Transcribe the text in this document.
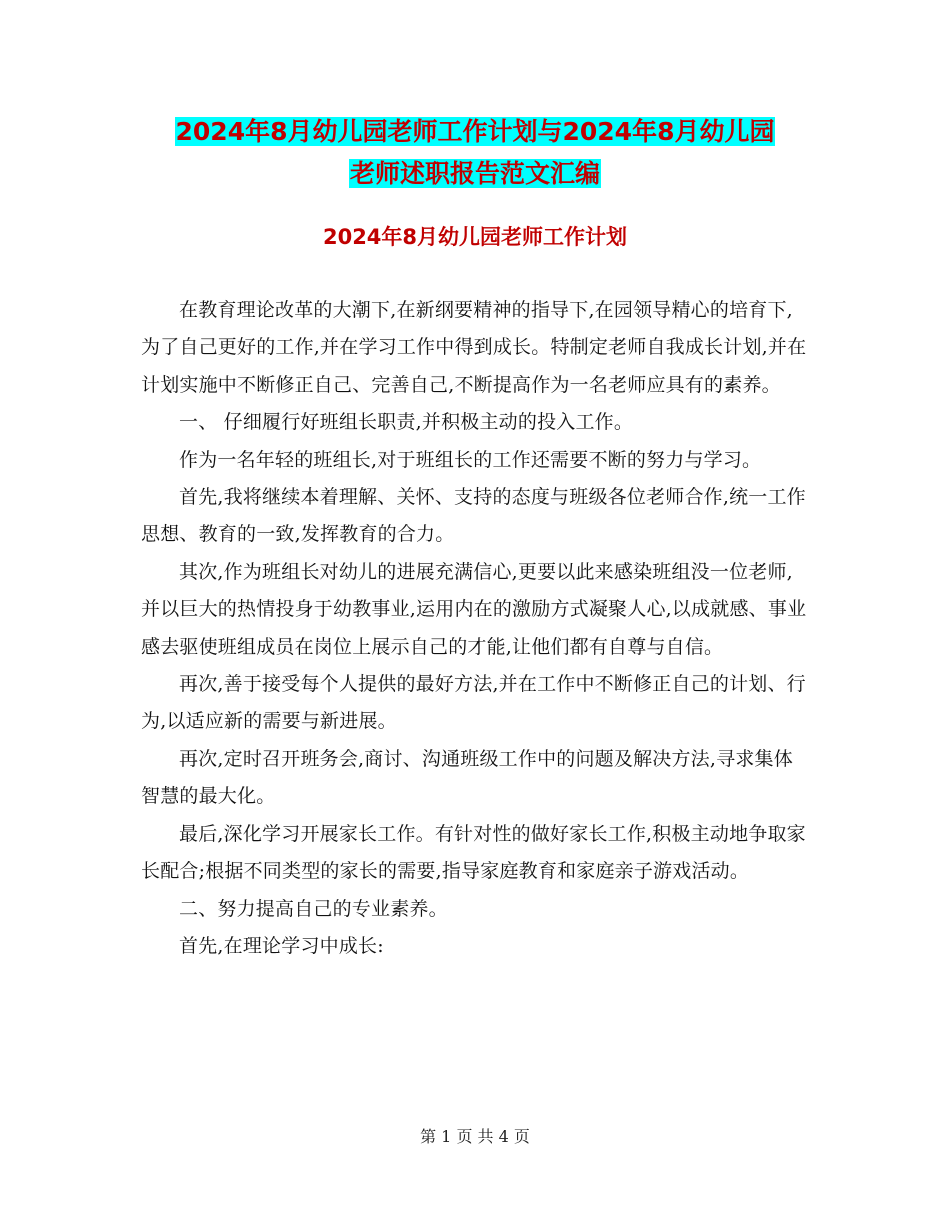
2024年8月幼儿园老师工作计划与2024年8月幼儿园
老师述职报告范文汇编
2024年8月幼儿园老师工作计划

在教育理论改革的大潮下,在新纲要精神的指导下,在园领导精心的培育下,为了自己更好的工作,并在学习工作中得到成长。特制定老师自我成长计划,并在计划实施中不断修正自己、完善自己,不断提高作为一名老师应具有的素养。

一、 仔细履行好班组长职责,并积极主动的投入工作。

作为一名年轻的班组长,对于班组长的工作还需要不断的努力与学习。

首先,我将继续本着理解、关怀、支持的态度与班级各位老师合作,统一工作思想、教育的一致,发挥教育的合力。

其次,作为班组长对幼儿的进展充满信心,更要以此来感染班组没一位老师,并以巨大的热情投身于幼教事业,运用内在的激励方式凝聚人心,以成就感、事业感去驱使班组成员在岗位上展示自己的才能,让他们都有自尊与自信。

再次,善于接受每个人提供的最好方法,并在工作中不断修正自己的计划、行为,以适应新的需要与新进展。

再次,定时召开班务会,商讨、沟通班级工作中的问题及解决方法,寻求集体智慧的最大化。

最后,深化学习开展家长工作。有针对性的做好家长工作,积极主动地争取家长配合;根据不同类型的家长的需要,指导家庭教育和家庭亲子游戏活动。

二、努力提高自己的专业素养。

首先,在理论学习中成长:

第 1 页 共 4 页
